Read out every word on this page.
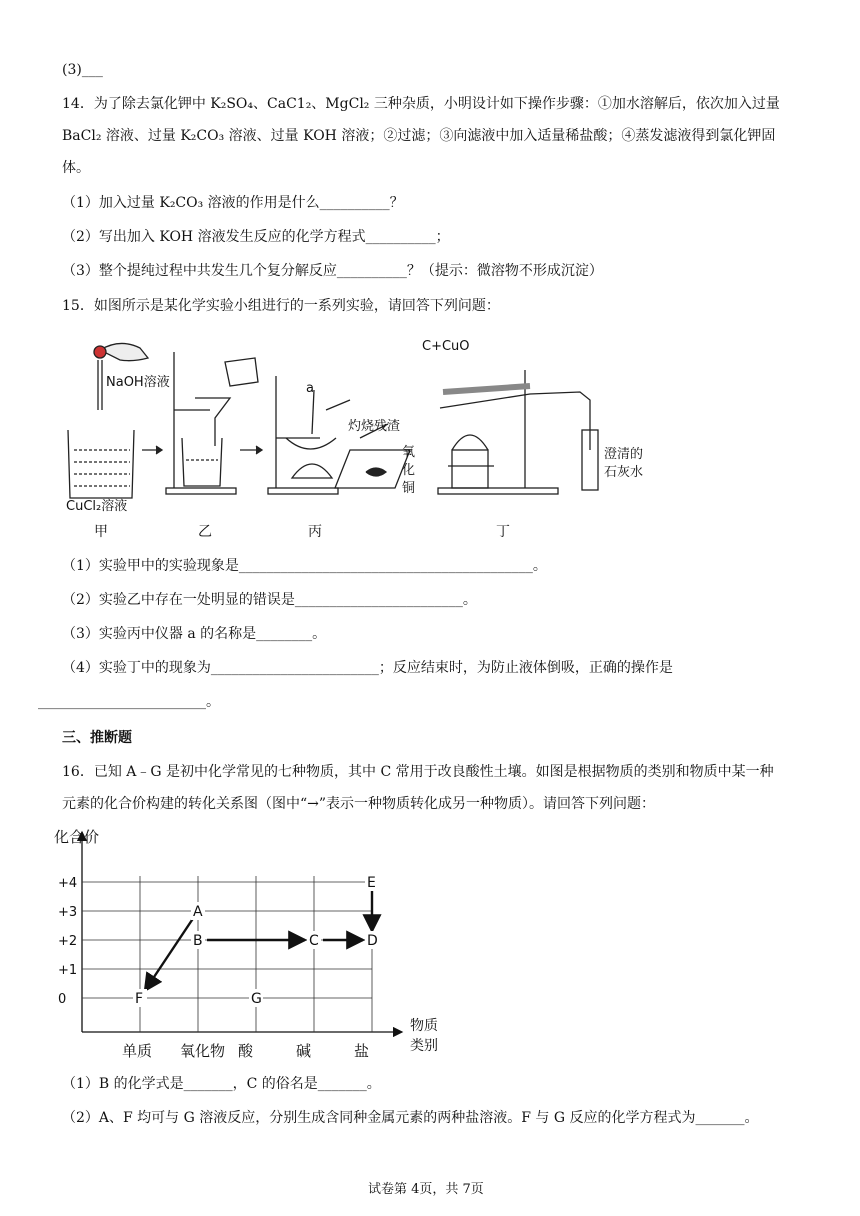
(3)___
14．为了除去氯化钾中 K₂SO₄、CaC1₂、MgCl₂ 三种杂质，小明设计如下操作步骤：①加水溶解后，依次加入过量
BaCl₂ 溶液、过量 K₂CO₃ 溶液、过量 KOH 溶液；②过滤；③向滤液中加入适量稀盐酸；④蒸发滤液得到氯化钾固
体。
（1）加入过量 K₂CO₃ 溶液的作用是什么__________？
（2）写出加入 KOH 溶液发生反应的化学方程式__________；
（3）整个提纯过程中共发生几个复分解反应__________？（提示：微溶物不形成沉淀）
15．如图所示是某化学实验小组进行的一系列实验，请回答下列问题：
NaOH溶液
CuCl₂溶液
a
灼烧残渣
氧
化
铜
C+CuO
澄清的
石灰水
甲	乙	丙	丁
（1）实验甲中的实验现象是__________________________________________。
（2）实验乙中存在一处明显的错误是________________________。
（3）实验丙中仪器 a 的名称是________。
（4）实验丁中的现象为________________________；反应结束时，为防止液体倒吸，正确的操作是
________________________。
三、推断题
16．已知 A﹣G 是初中化学常见的七种物质，其中 C 常用于改良酸性土壤。如图是根据物质的类别和物质中某一种
元素的化合价构建的转化关系图（图中“→”表示一种物质转化成另一种物质）。请回答下列问题：
化合价
物质
类别
+4
+3
+2
+1
0
单质 氧化物 酸	碱	盐
A
B	C	D
E
F	G
（1）B 的化学式是_______，C 的俗名是_______。
（2）A、F 均可与 G 溶液反应，分别生成含同种金属元素的两种盐溶液。F 与 G 反应的化学方程式为_______。
试卷第 4页，共 7页
